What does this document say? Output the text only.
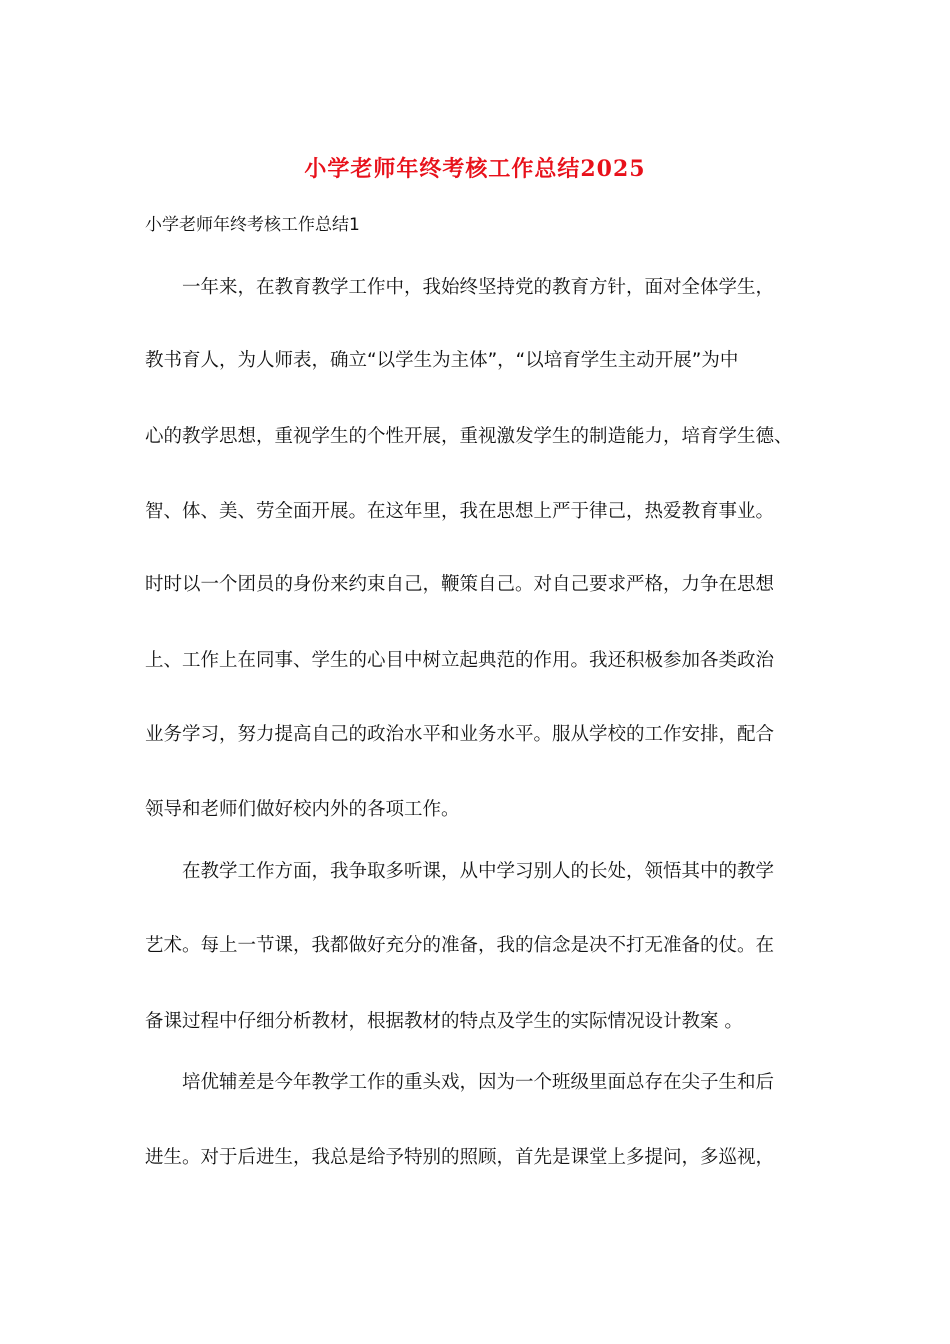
小学老师年终考核工作总结2025
小学老师年终考核工作总结1
一年来，在教育教学工作中，我始终坚持党的教育方针，面对全体学生，
教书育人，为人师表，确立“以学生为主体”，“以培育学生主动开展”为中
心的教学思想，重视学生的个性开展，重视激发学生的制造能力，培育学生德、
智、体、美、劳全面开展。在这年里，我在思想上严于律己，热爱教育事业。
时时以一个团员的身份来约束自己，鞭策自己。对自己要求严格，力争在思想
上、工作上在同事、学生的心目中树立起典范的作用。我还积极参加各类政治
业务学习，努力提高自己的政治水平和业务水平。服从学校的工作安排，配合
领导和老师们做好校内外的各项工作。
在教学工作方面，我争取多听课，从中学习别人的长处，领悟其中的教学
艺术。每上一节课，我都做好充分的准备，我的信念是决不打无准备的仗。在
备课过程中仔细分析教材，根据教材的特点及学生的实际情况设计教案 。
培优辅差是今年教学工作的重头戏，因为一个班级里面总存在尖子生和后
进生。对于后进生，我总是给予特别的照顾，首先是课堂上多提问，多巡视，
